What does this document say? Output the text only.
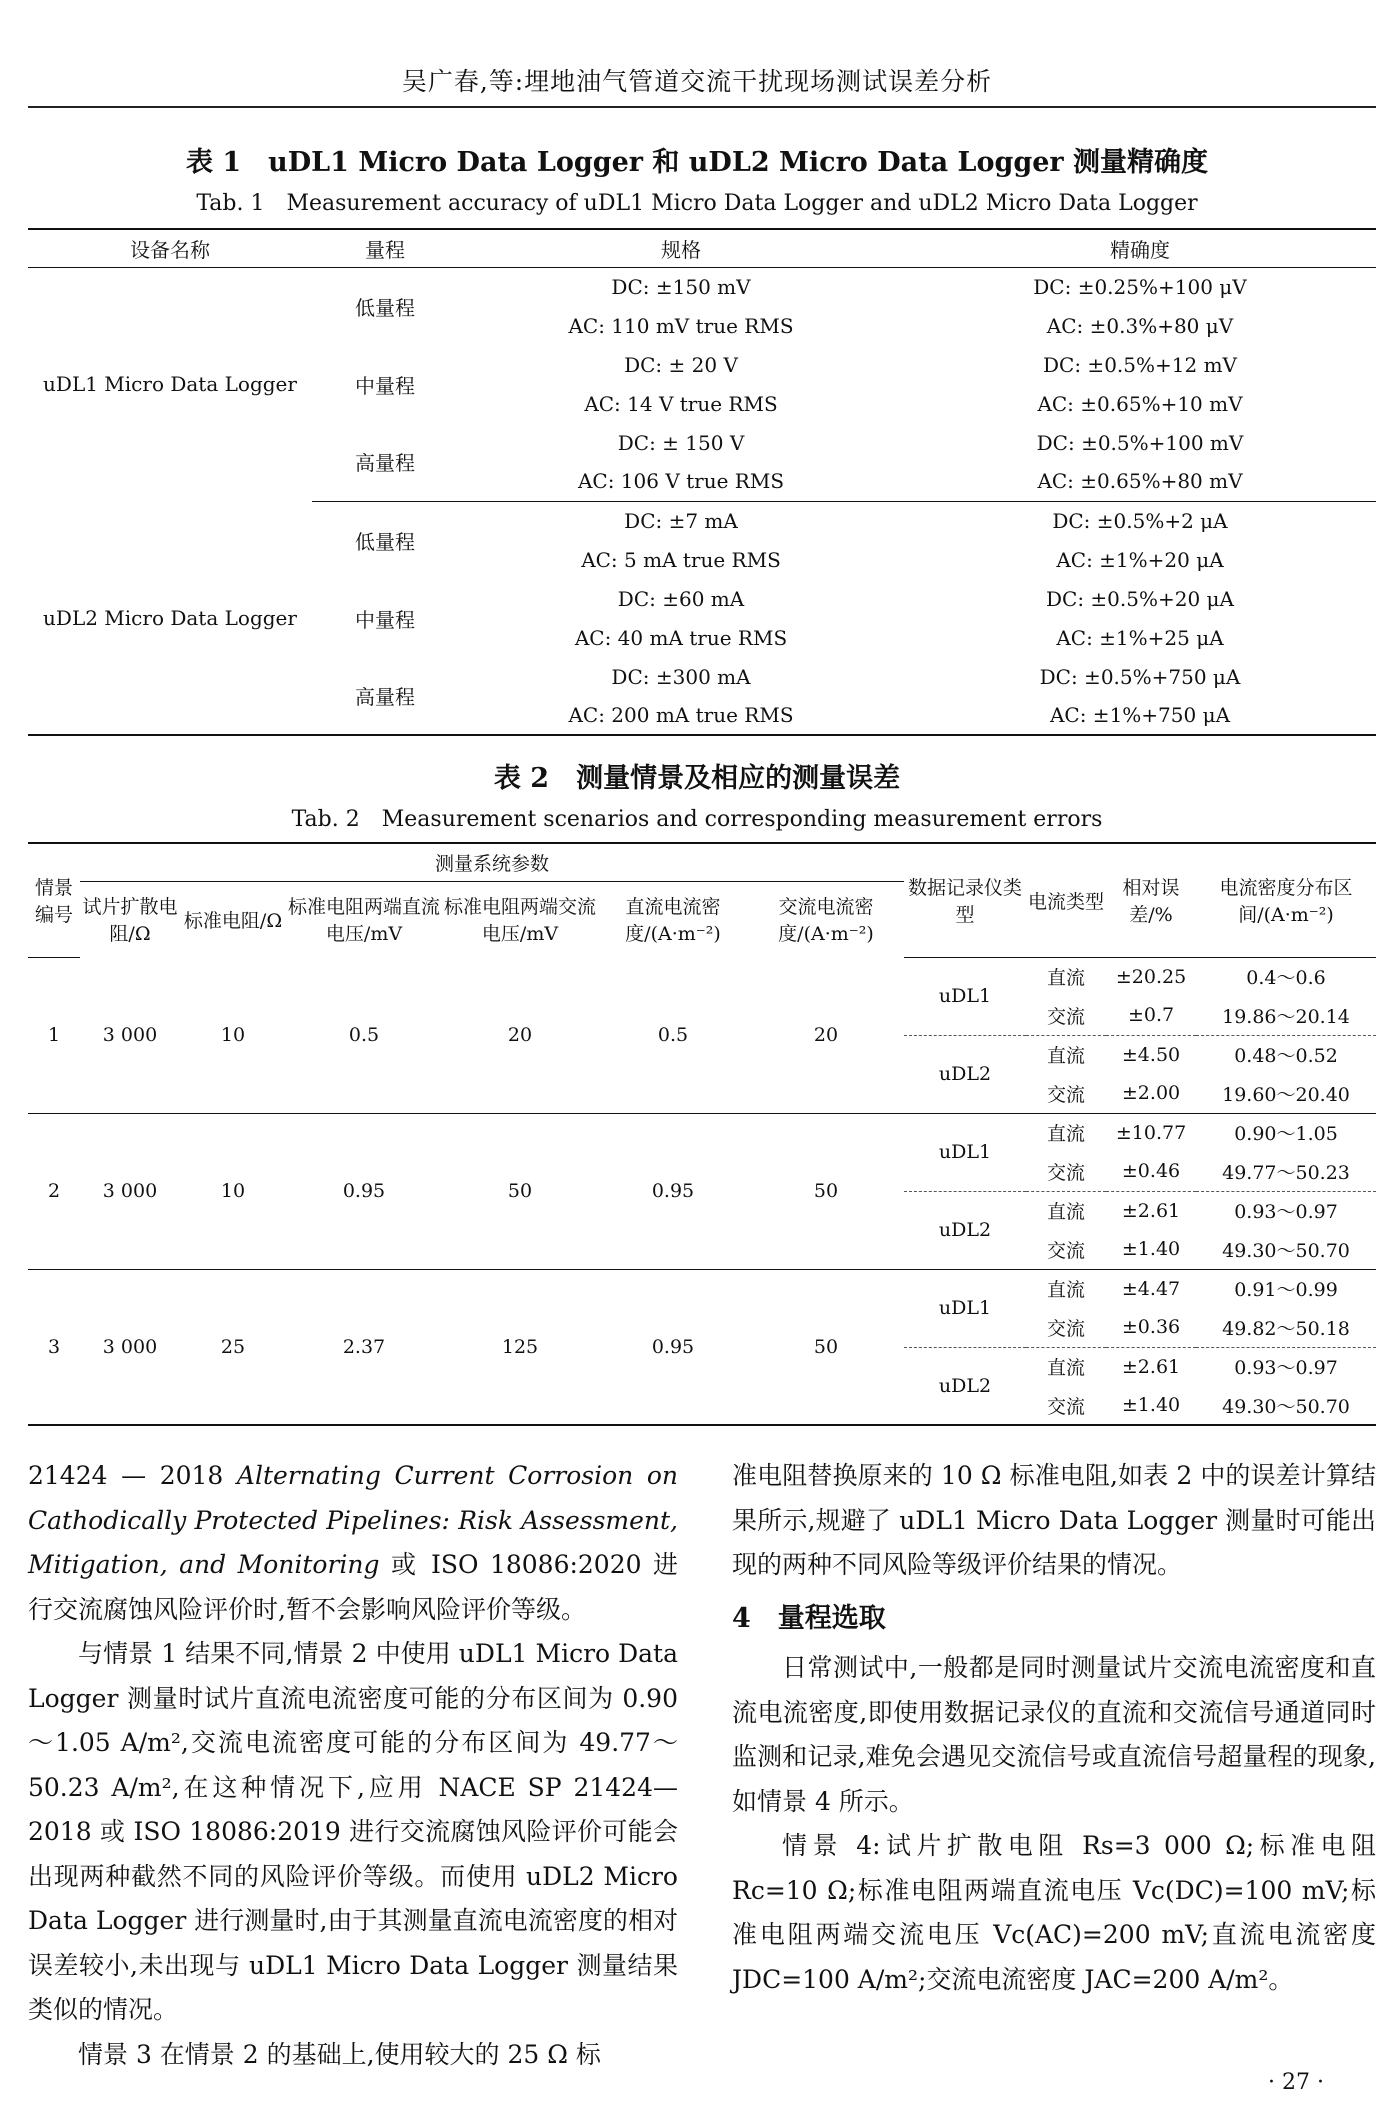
吴广春,等:埋地油气管道交流干扰现场测试误差分析
表 1　uDL1 Micro Data Logger 和 uDL2 Micro Data Logger 测量精确度
Tab. 1　Measurement accuracy of uDL1 Micro Data Logger and uDL2 Micro Data Logger
设备名称	量程	规格	精确度
uDL1 Micro Data Logger	低量程	DC: ±150 mV	DC: ±0.25%+100 μV
		AC: 110 mV true RMS	AC: ±0.3%+80 μV
	中量程	DC: ± 20 V	DC: ±0.5%+12 mV
		AC: 14 V true RMS	AC: ±0.65%+10 mV
	高量程	DC: ± 150 V	DC: ±0.5%+100 mV
		AC: 106 V true RMS	AC: ±0.65%+80 mV
uDL2 Micro Data Logger	低量程	DC: ±7 mA	DC: ±0.5%+2 μA
		AC: 5 mA true RMS	AC: ±1%+20 μA
	中量程	DC: ±60 mA	DC: ±0.5%+20 μA
		AC: 40 mA true RMS	AC: ±1%+25 μA
	高量程	DC: ±300 mA	DC: ±0.5%+750 μA
		AC: 200 mA true RMS	AC: ±1%+750 μA
表 2　测量情景及相应的测量误差
Tab. 2　Measurement scenarios and corresponding measurement errors
情景编号	测量系统参数						数据记录仪类型	电流类型	相对误差/%	电流密度分布区间/(A·m⁻²)
	试片扩散电阻/Ω	标准电阻/Ω	标准电阻两端直流电压/mV	标准电阻两端交流电压/mV	直流电流密度/(A·m⁻²)	交流电流密度/(A·m⁻²)				

1	3 000	10	0.5	20	0.5	20	uDL1	直流	±20.25	0.4～0.6
								交流	±0.7	19.86～20.14
							uDL2	直流	±4.50	0.48～0.52
								交流	±2.00	19.60～20.40
2	3 000	10	0.95	50	0.95	50	uDL1	直流	±10.77	0.90～1.05
								交流	±0.46	49.77～50.23
							uDL2	直流	±2.61	0.93～0.97
								交流	±1.40	49.30～50.70
3	3 000	25	2.37	125	0.95	50	uDL1	直流	±4.47	0.91～0.99
								交流	±0.36	49.82～50.18
							uDL2	直流	±2.61	0.93～0.97
								交流	±1.40	49.30～50.70

21424 — 2018 Alternating Current Corrosion on Cathodically Protected Pipelines: Risk Assessment, Mitigation, and Monitoring 或 ISO 18086:2020 进行交流腐蚀风险评价时,暂不会影响风险评价等级。

与情景 1 结果不同,情景 2 中使用 uDL1 Micro Data Logger 测量时试片直流电流密度可能的分布区间为 0.90～1.05 A/m²,交流电流密度可能的分布区间为 49.77～50.23 A/m²,在这种情况下,应用 NACE SP 21424—2018 或 ISO 18086:2019 进行交流腐蚀风险评价可能会出现两种截然不同的风险评价等级。而使用 uDL2 Micro Data Logger 进行测量时,由于其测量直流电流密度的相对误差较小,未出现与 uDL1 Micro Data Logger 测量结果类似的情况。

情景 3 在情景 2 的基础上,使用较大的 25 Ω 标

准电阻替换原来的 10 Ω 标准电阻,如表 2 中的误差计算结果所示,规避了 uDL1 Micro Data Logger 测量时可能出现的两种不同风险等级评价结果的情况。

4　量程选取

日常测试中,一般都是同时测量试片交流电流密度和直流电流密度,即使用数据记录仪的直流和交流信号通道同时监测和记录,难免会遇见交流信号或直流信号超量程的现象,如情景 4 所示。

情景 4:试片扩散电阻 Rs=3 000 Ω;标准电阻 Rc=10 Ω;标准电阻两端直流电压 Vc(DC)=100 mV;标准电阻两端交流电压 Vc(AC)=200 mV;直流电流密度 JDC=100 A/m²;交流电流密度 JAC=200 A/m²。

· 27 ·
